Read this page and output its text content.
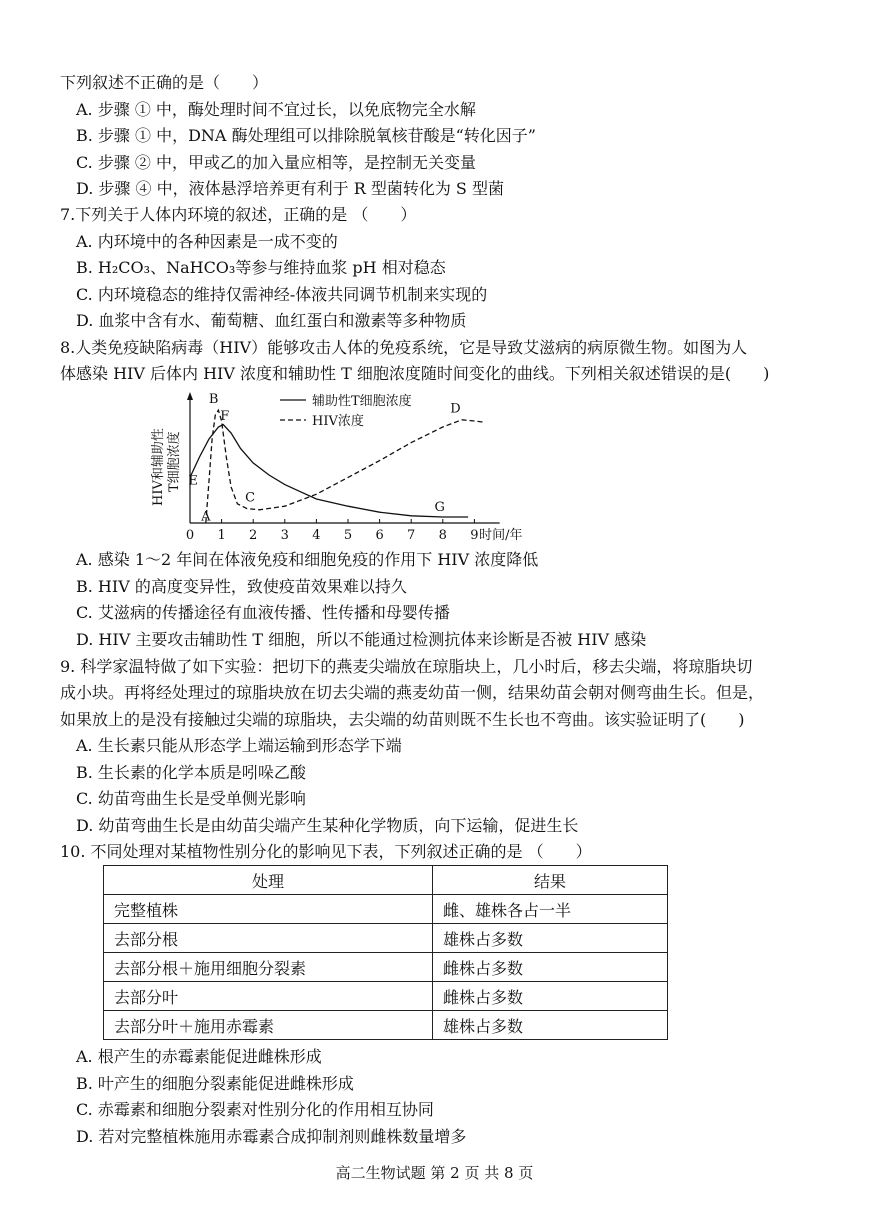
下列叙述不正确的是（　　）
A. 步骤 ① 中，酶处理时间不宜过长，以免底物完全水解
B. 步骤 ① 中，DNA 酶处理组可以排除脱氧核苷酸是“转化因子”
C. 步骤 ② 中，甲或乙的加入量应相等，是控制无关变量
D. 步骤 ④ 中，液体悬浮培养更有利于 R 型菌转化为 S 型菌
7.下列关于人体内环境的叙述，正确的是 （　　）
A. 内环境中的各种因素是一成不变的
B. H₂CO₃、NaHCO₃等参与维持血浆 pH 相对稳态
C. 内环境稳态的维持仅需神经-体液共同调节机制来实现的
D. 血浆中含有水、葡萄糖、血红蛋白和激素等多种物质
8.人类免疫缺陷病毒（HIV）能够攻击人体的免疫系统，它是导致艾滋病的病原微生物。如图为人
体感染 HIV 后体内 HIV 浓度和辅助性 T 细胞浓度随时间变化的曲线。下列相关叙述错误的是(　　)
0 1 2 3 4 5 6 7 8 9 时间/年
HIV和辅助性 T细胞浓度
辅助性T细胞浓度
HIV浓度
A
B
C
D
E
F
G
A. 感染 1～2 年间在体液免疫和细胞免疫的作用下 HIV 浓度降低
B. HIV 的高度变异性，致使疫苗效果难以持久
C. 艾滋病的传播途径有血液传播、性传播和母婴传播
D. HIV 主要攻击辅助性 T 细胞，所以不能通过检测抗体来诊断是否被 HIV 感染
9. 科学家温特做了如下实验：把切下的燕麦尖端放在琼脂块上，几小时后，移去尖端，将琼脂块切
成小块。再将经处理过的琼脂块放在切去尖端的燕麦幼苗一侧，结果幼苗会朝对侧弯曲生长。但是，
如果放上的是没有接触过尖端的琼脂块，去尖端的幼苗则既不生长也不弯曲。该实验证明了(　　)
A. 生长素只能从形态学上端运输到形态学下端
B. 生长素的化学本质是吲哚乙酸
C. 幼苗弯曲生长是受单侧光影响
D. 幼苗弯曲生长是由幼苗尖端产生某种化学物质，向下运输，促进生长
10. 不同处理对某植物性别分化的影响见下表，下列叙述正确的是 （　　）
处理	结果
完整植株	雌、雄株各占一半
去部分根	雄株占多数
去部分根＋施用细胞分裂素	雌株占多数
去部分叶	雌株占多数
去部分叶＋施用赤霉素	雄株占多数
A. 根产生的赤霉素能促进雌株形成
B. 叶产生的细胞分裂素能促进雌株形成
C. 赤霉素和细胞分裂素对性别分化的作用相互协同
D. 若对完整植株施用赤霉素合成抑制剂则雌株数量增多
高二生物试题 第 2 页 共 8 页
